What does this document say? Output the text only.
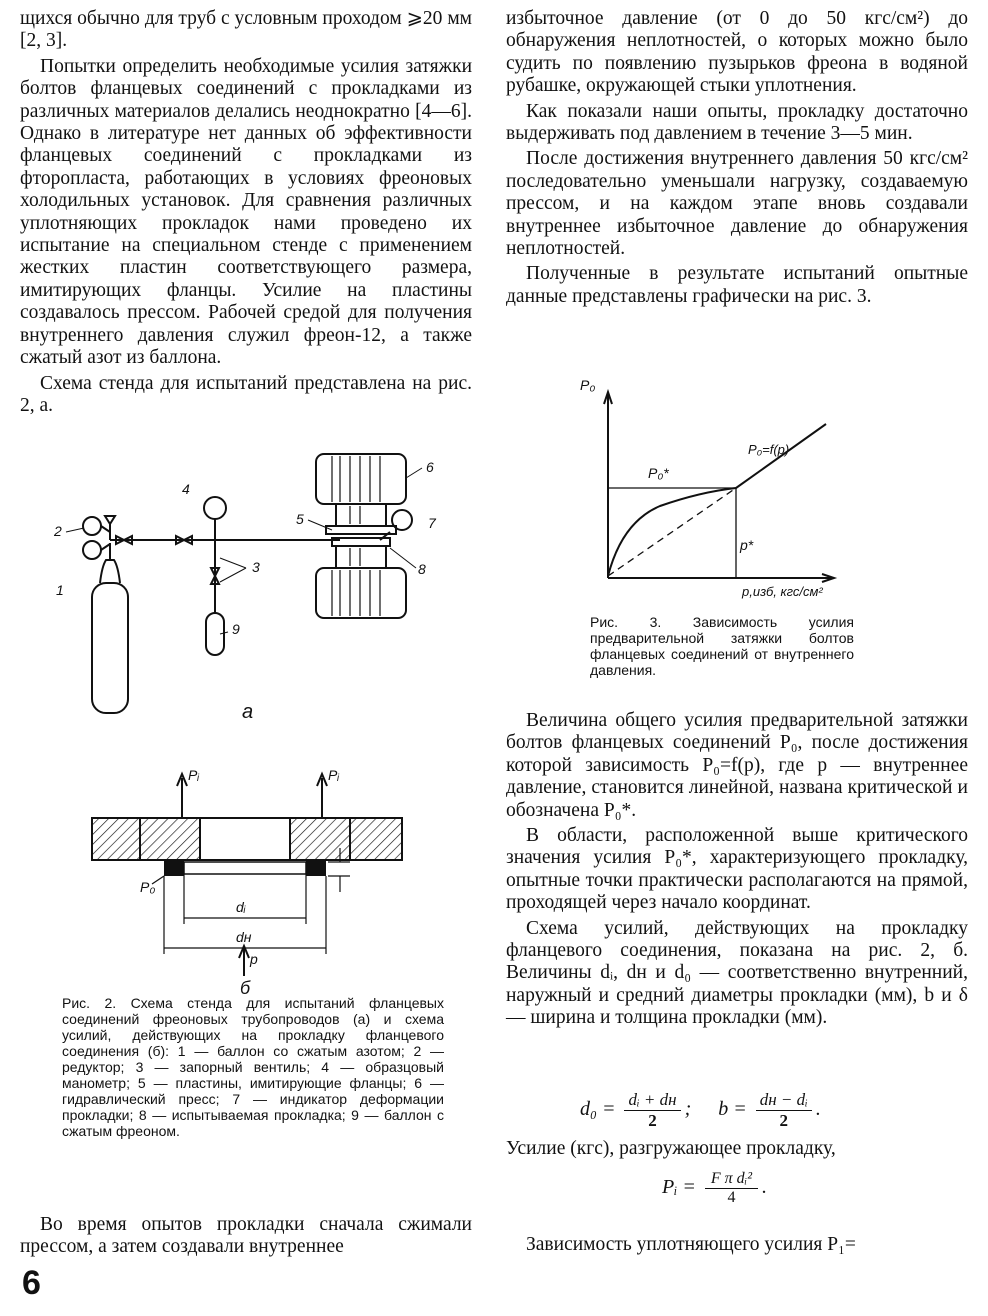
щихся обычно для труб с условным проходом ⩾20 мм [2, 3].

Попытки определить необходимые усилия затяжки болтов фланцевых соединений с прокладками из различных материалов делались неоднократно [4—6]. Однако в литературе нет данных об эффективности фланцевых соединений с прокладками из фторопласта, работающих в условиях фреоновых холодильных установок. Для сравнения различных уплотняющих прокладок нами проведено их испытание на специальном стенде с применением жестких пластин соответствующего размера, имитирующих фланцы. Усилие на пластины создавалось прессом. Рабочей средой для получения внутреннего давления служил фреон-12, а также сжатый азот из баллона.

Схема стенда для испытаний представлена на рис. 2, а.

2
1
4
3
9
6
5	7
8
а
Pᵢ	Pᵢ
P₀
dᵢ
dн
p
б
Рис. 2. Схема стенда для испытаний фланцевых соединений фреоновых трубопроводов (а) и схема усилий, действующих на прокладку фланцевого соединения (б): 1 — баллон со сжатым азотом; 2 — редуктор; 3 — запорный вентиль; 4 — образцовый манометр; 5 — пластины, имитирующие фланцы; 6 — гидравлический пресс; 7 — индикатор деформации прокладки; 8 — испытываемая прокладка; 9 — баллон с сжатым фреоном.

Во время опытов прокладки сначала сжимали прессом, а затем создавали внутреннее

избыточное давление (от 0 до 50 кгс/см²) до обнаружения неплотностей, о которых можно было судить по появлению пузырьков фреона в водяной рубашке, окружающей стыки уплотнения.

Как показали наши опыты, прокладку достаточно выдерживать под давлением в течение 3—5 мин.

После достижения внутреннего давления 50 кгс/см² последовательно уменьшали нагрузку, создаваемую прессом, и на каждом этапе вновь создавали внутреннее избыточное давление до обнаружения неплотностей.

Полученные в результате испытаний опытные данные представлены графически на рис. 3.

P₀
p,изб, кгс/см²
P₀=f(p)
P₀*
p*
Рис. 3. Зависимость усилия предварительной затяжки болтов фланцевых соединений от внутреннего давления.

Величина общего усилия предварительной затяжки болтов фланцевых соединений P₀, после достижения которой зависимость P₀=f(p), где p — внутреннее давление, становится линейной, названа критической и обозначена P₀*.

В области, расположенной выше критического значения усилия P₀*, характеризующего прокладку, опытные точки практически располагаются на прямой, проходящей через начало координат.

Схема усилий, действующих на прокладку фланцевого соединения, показана на рис. 2, б. Величины dᵢ, dн и d₀ — соответственно внутренний, наружный и средний диаметры прокладки (мм), b и δ — ширина и толщина прокладки (мм).

d₀ = dᵢ + dн
2
; b = dн − dᵢ
2
.

Усилие (кгс), разгружающее прокладку,

Pᵢ = $\frac{\text{F π dᵢ²}}{4}$ .

Зависимость уплотняющего усилия P₁=

6
